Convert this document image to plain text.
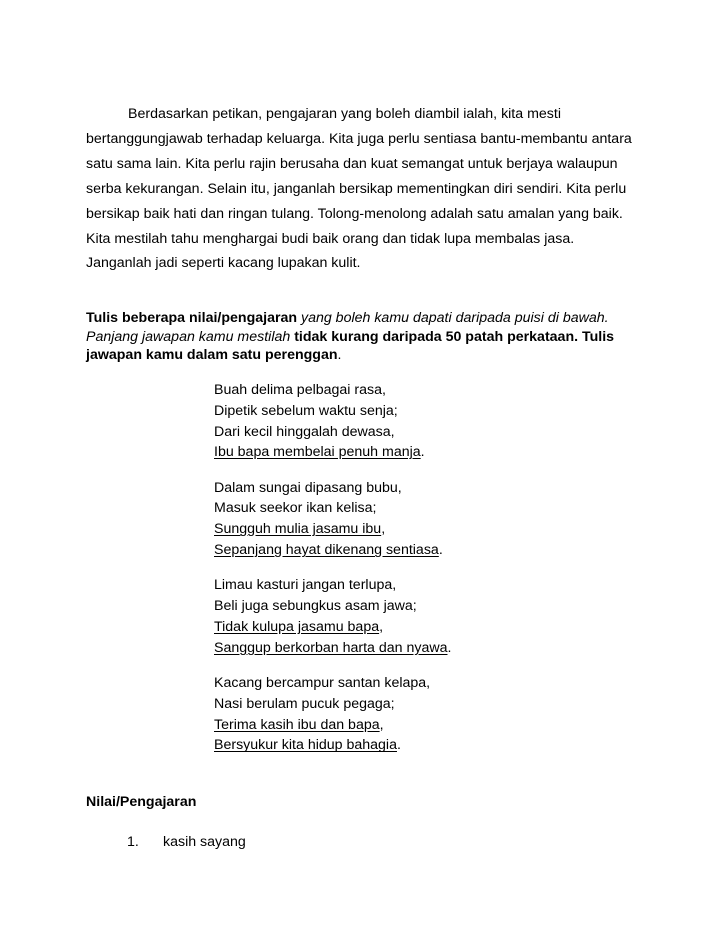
Berdasarkan petikan, pengajaran yang boleh diambil ialah, kita mesti
bertanggungjawab terhadap keluarga. Kita juga perlu sentiasa bantu-membantu antara
satu sama lain. Kita perlu rajin berusaha dan kuat semangat untuk berjaya walaupun
serba kekurangan. Selain itu, janganlah bersikap mementingkan diri sendiri. Kita perlu
bersikap baik hati dan ringan tulang. Tolong-menolong adalah satu amalan yang baik.
Kita mestilah tahu menghargai budi baik orang dan tidak lupa membalas jasa.
Janganlah jadi seperti kacang lupakan kulit.
Tulis beberapa nilai/pengajaran yang boleh kamu dapati daripada puisi di bawah.
Panjang jawapan kamu mestilah tidak kurang daripada 50 patah perkataan. Tulis
jawapan kamu dalam satu perenggan.
Buah delima pelbagai rasa,
Dipetik sebelum waktu senja;
Dari kecil hinggalah dewasa,
Ibu bapa membelai penuh manja.
Dalam sungai dipasang bubu,
Masuk seekor ikan kelisa;
Sungguh mulia jasamu ibu,
Sepanjang hayat dikenang sentiasa.
Limau kasturi jangan terlupa,
Beli juga sebungkus asam jawa;
Tidak kulupa jasamu bapa,
Sanggup berkorban harta dan nyawa.
Kacang bercampur santan kelapa,
Nasi berulam pucuk pegaga;
Terima kasih ibu dan bapa,
Bersyukur kita hidup bahagia.

Nilai/Pengajaran

1.	kasih sayang
